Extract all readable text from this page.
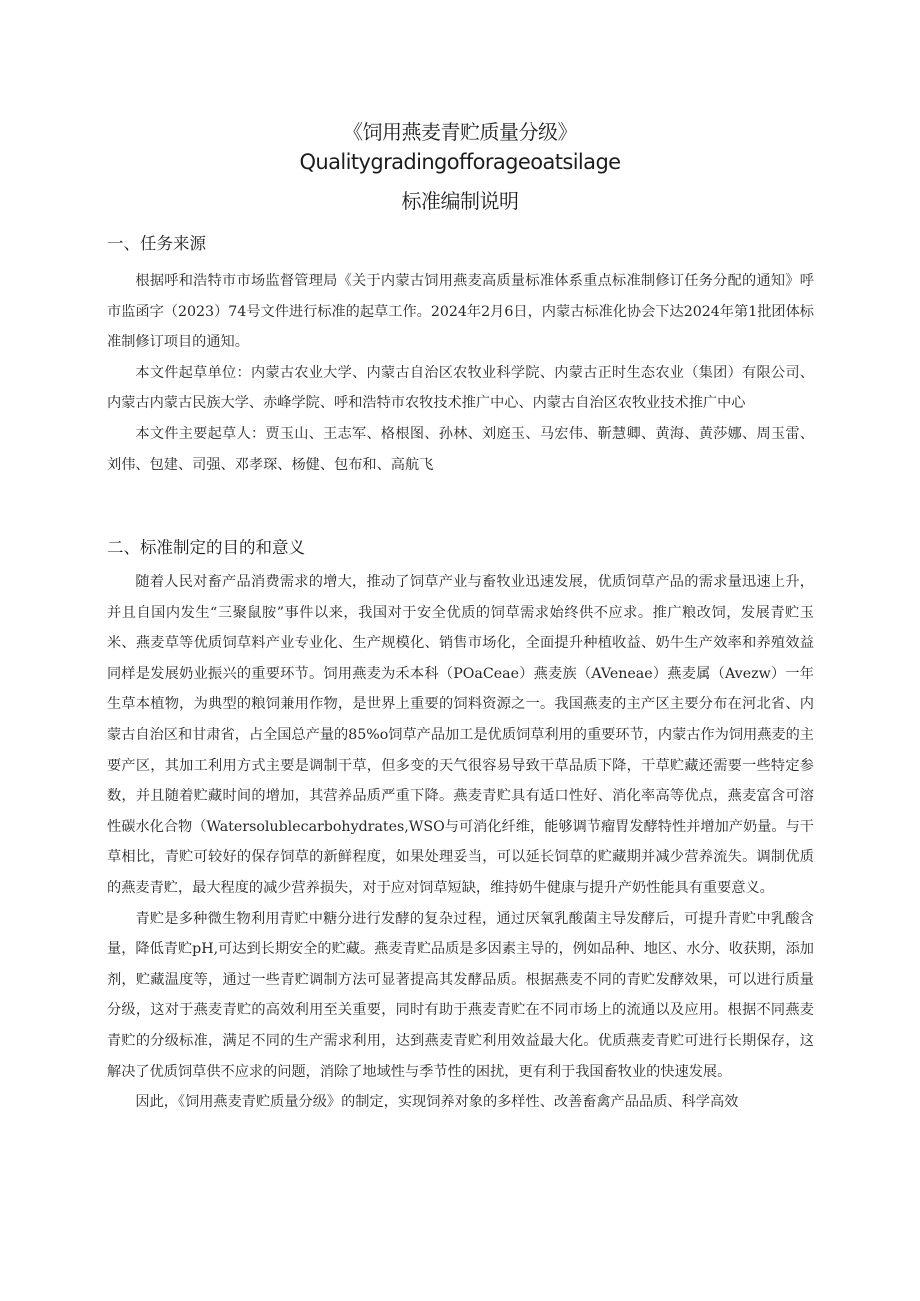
《饲用燕麦青贮质量分级》
Qualitygradingofforageoatsilage
标准编制说明
一、任务来源

根据呼和浩特市市场监督管理局《关于内蒙古饲用燕麦高质量标准体系重点标准制修订任务分配的通知》呼市监函字（2023）74号文件进行标准的起草工作。2024年2月6日，内蒙古标准化协会下达2024年第1批团体标准制修订项目的通知。

本文件起草单位：内蒙古农业大学、内蒙古自治区农牧业科学院、内蒙古正时生态农业（集团）有限公司、内蒙古内蒙古民族大学、赤峰学院、呼和浩特市农牧技术推广中心、内蒙古自治区农牧业技术推广中心

本文件主要起草人：贾玉山、王志军、格根图、孙林、刘庭玉、马宏伟、靳慧卿、黄海、黄莎娜、周玉雷、刘伟、包建、司强、邓孝琛、杨健、包布和、高航飞

二、标准制定的目的和意义

随着人民对畜产品消费需求的增大，推动了饲草产业与畜牧业迅速发展，优质饲草产品的需求量迅速上升，并且自国内发生“三聚鼠胺”事件以来，我国对于安全优质的饲草需求始终供不应求。推广粮改饲，发展青贮玉米、燕麦草等优质饲草料产业专业化、生产规模化、销售市场化，全面提升种植收益、奶牛生产效率和养殖效益同样是发展奶业振兴的重要环节。饲用燕麦为禾本科（POaCeae）燕麦族（AVeneae）燕麦属（Avezw）一年生草本植物，为典型的粮饲兼用作物，是世界上重要的饲料资源之一。我国燕麦的主产区主要分布在河北省、内蒙古自治区和甘肃省，占全国总产量的85%o饲草产品加工是优质饲草利用的重要环节，内蒙古作为饲用燕麦的主要产区，其加工利用方式主要是调制干草，但多变的天气很容易导致干草品质下降，干草贮藏还需要一些特定参数，并且随着贮藏时间的增加，其营养品质严重下降。燕麦青贮具有适口性好、消化率高等优点，燕麦富含可溶性碳水化合物（Watersolublecarbohydrates,WSO与可消化纤维，能够调节瘤胃发酵特性并增加产奶量。与干草相比，青贮可较好的保存饲草的新鲜程度，如果处理妥当，可以延长饲草的贮藏期并减少营养流失。调制优质的燕麦青贮，最大程度的减少营养损失，对于应对饲草短缺，维持奶牛健康与提升产奶性能具有重要意义。

青贮是多种微生物利用青贮中糖分进行发酵的复杂过程，通过厌氧乳酸菌主导发酵后，可提升青贮中乳酸含量，降低青贮pH,可达到长期安全的贮藏。燕麦青贮品质是多因素主导的，例如品种、地区、水分、收获期，添加剂，贮藏温度等，通过一些青贮调制方法可显著提高其发酵品质。根据燕麦不同的青贮发酵效果，可以进行质量分级，这对于燕麦青贮的高效利用至关重要，同时有助于燕麦青贮在不同市场上的流通以及应用。根据不同燕麦青贮的分级标准，满足不同的生产需求利用，达到燕麦青贮利用效益最大化。优质燕麦青贮可进行长期保存，这解决了优质饲草供不应求的问题，消除了地域性与季节性的困扰，更有利于我国畜牧业的快速发展。

因此，《饲用燕麦青贮质量分级》的制定，实现饲养对象的多样性、改善畜禽产品品质、科学高效
